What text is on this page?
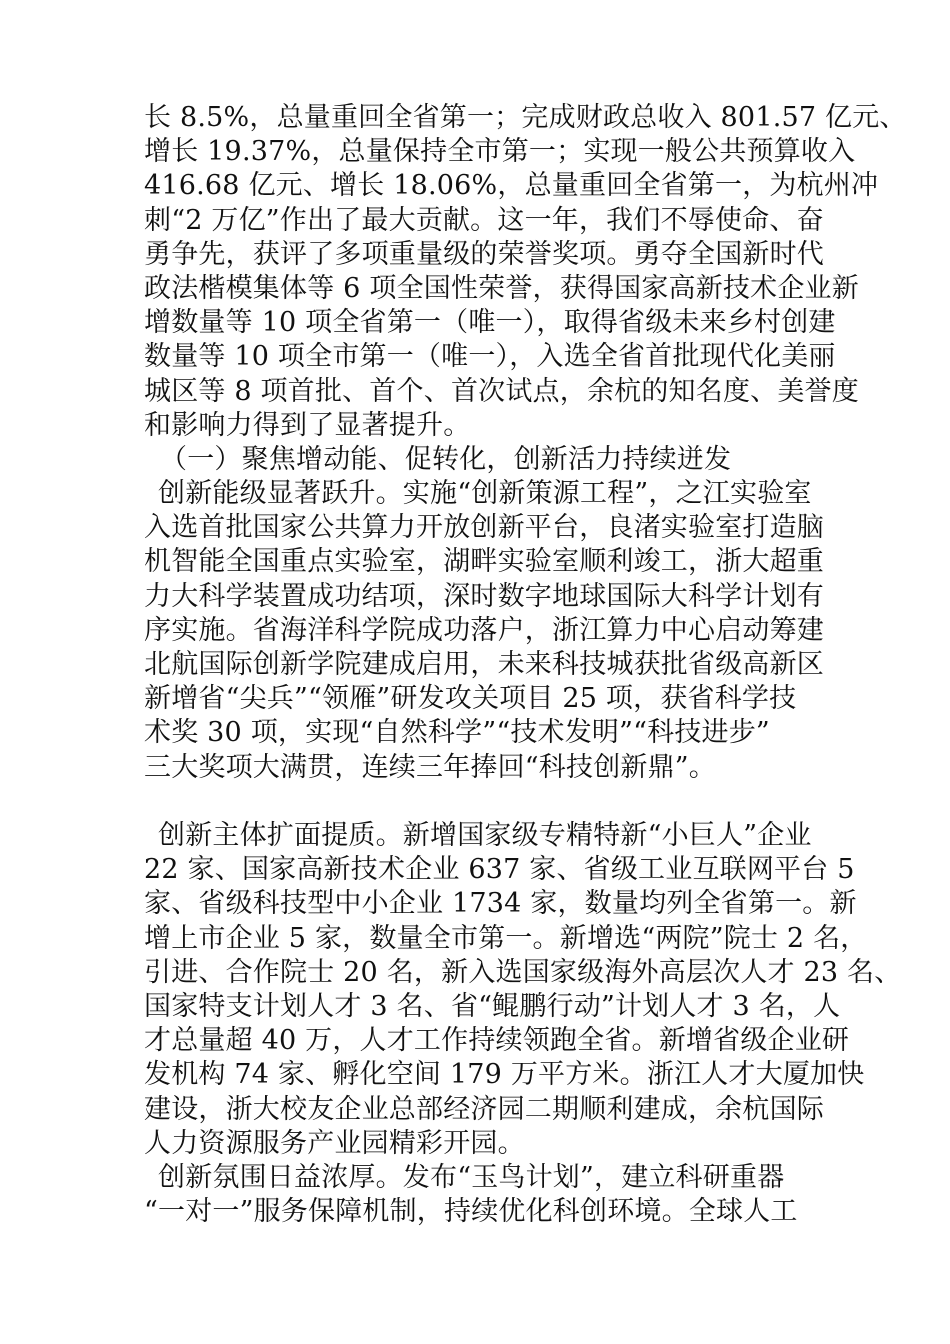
长 8.5%，总量重回全省第一；完成财政总收入 801.57 亿元、
增长 19.37%，总量保持全市第一；实现一般公共预算收入
416.68 亿元、增长 18.06%，总量重回全省第一，为杭州冲
刺“2 万亿”作出了最大贡献。这一年，我们不辱使命、奋
勇争先，获评了多项重量级的荣誉奖项。勇夺全国新时代
政法楷模集体等 6 项全国性荣誉，获得国家高新技术企业新
增数量等 10 项全省第一（唯一），取得省级未来乡村创建
数量等 10 项全市第一（唯一），入选全省首批现代化美丽
城区等 8 项首批、首个、首次试点，余杭的知名度、美誉度
和影响力得到了显著提升。
（一）聚焦增动能、促转化，创新活力持续迸发
创新能级显著跃升。实施“创新策源工程”，之江实验室
入选首批国家公共算力开放创新平台，良渚实验室打造脑
机智能全国重点实验室，湖畔实验室顺利竣工，浙大超重
力大科学装置成功结项，深时数字地球国际大科学计划有
序实施。省海洋科学院成功落户，浙江算力中心启动筹建
北航国际创新学院建成启用，未来科技城获批省级高新区
新增省“尖兵”“领雁”研发攻关项目 25 项，获省科学技
术奖 30 项，实现“自然科学”“技术发明”“科技进步”
三大奖项大满贯，连续三年捧回“科技创新鼎”。
创新主体扩面提质。新增国家级专精特新“小巨人”企业
22 家、国家高新技术企业 637 家、省级工业互联网平台 5
家、省级科技型中小企业 1734 家，数量均列全省第一。新
增上市企业 5 家，数量全市第一。新增选“两院”院士 2 名，
引进、合作院士 20 名，新入选国家级海外高层次人才 23 名、
国家特支计划人才 3 名、省“鲲鹏行动”计划人才 3 名，人
才总量超 40 万，人才工作持续领跑全省。新增省级企业研
发机构 74 家、孵化空间 179 万平方米。浙江人才大厦加快
建设，浙大校友企业总部经济园二期顺利建成，余杭国际
人力资源服务产业园精彩开园。
创新氛围日益浓厚。发布“玉鸟计划”，建立科研重器
“一对一”服务保障机制，持续优化科创环境。全球人工
